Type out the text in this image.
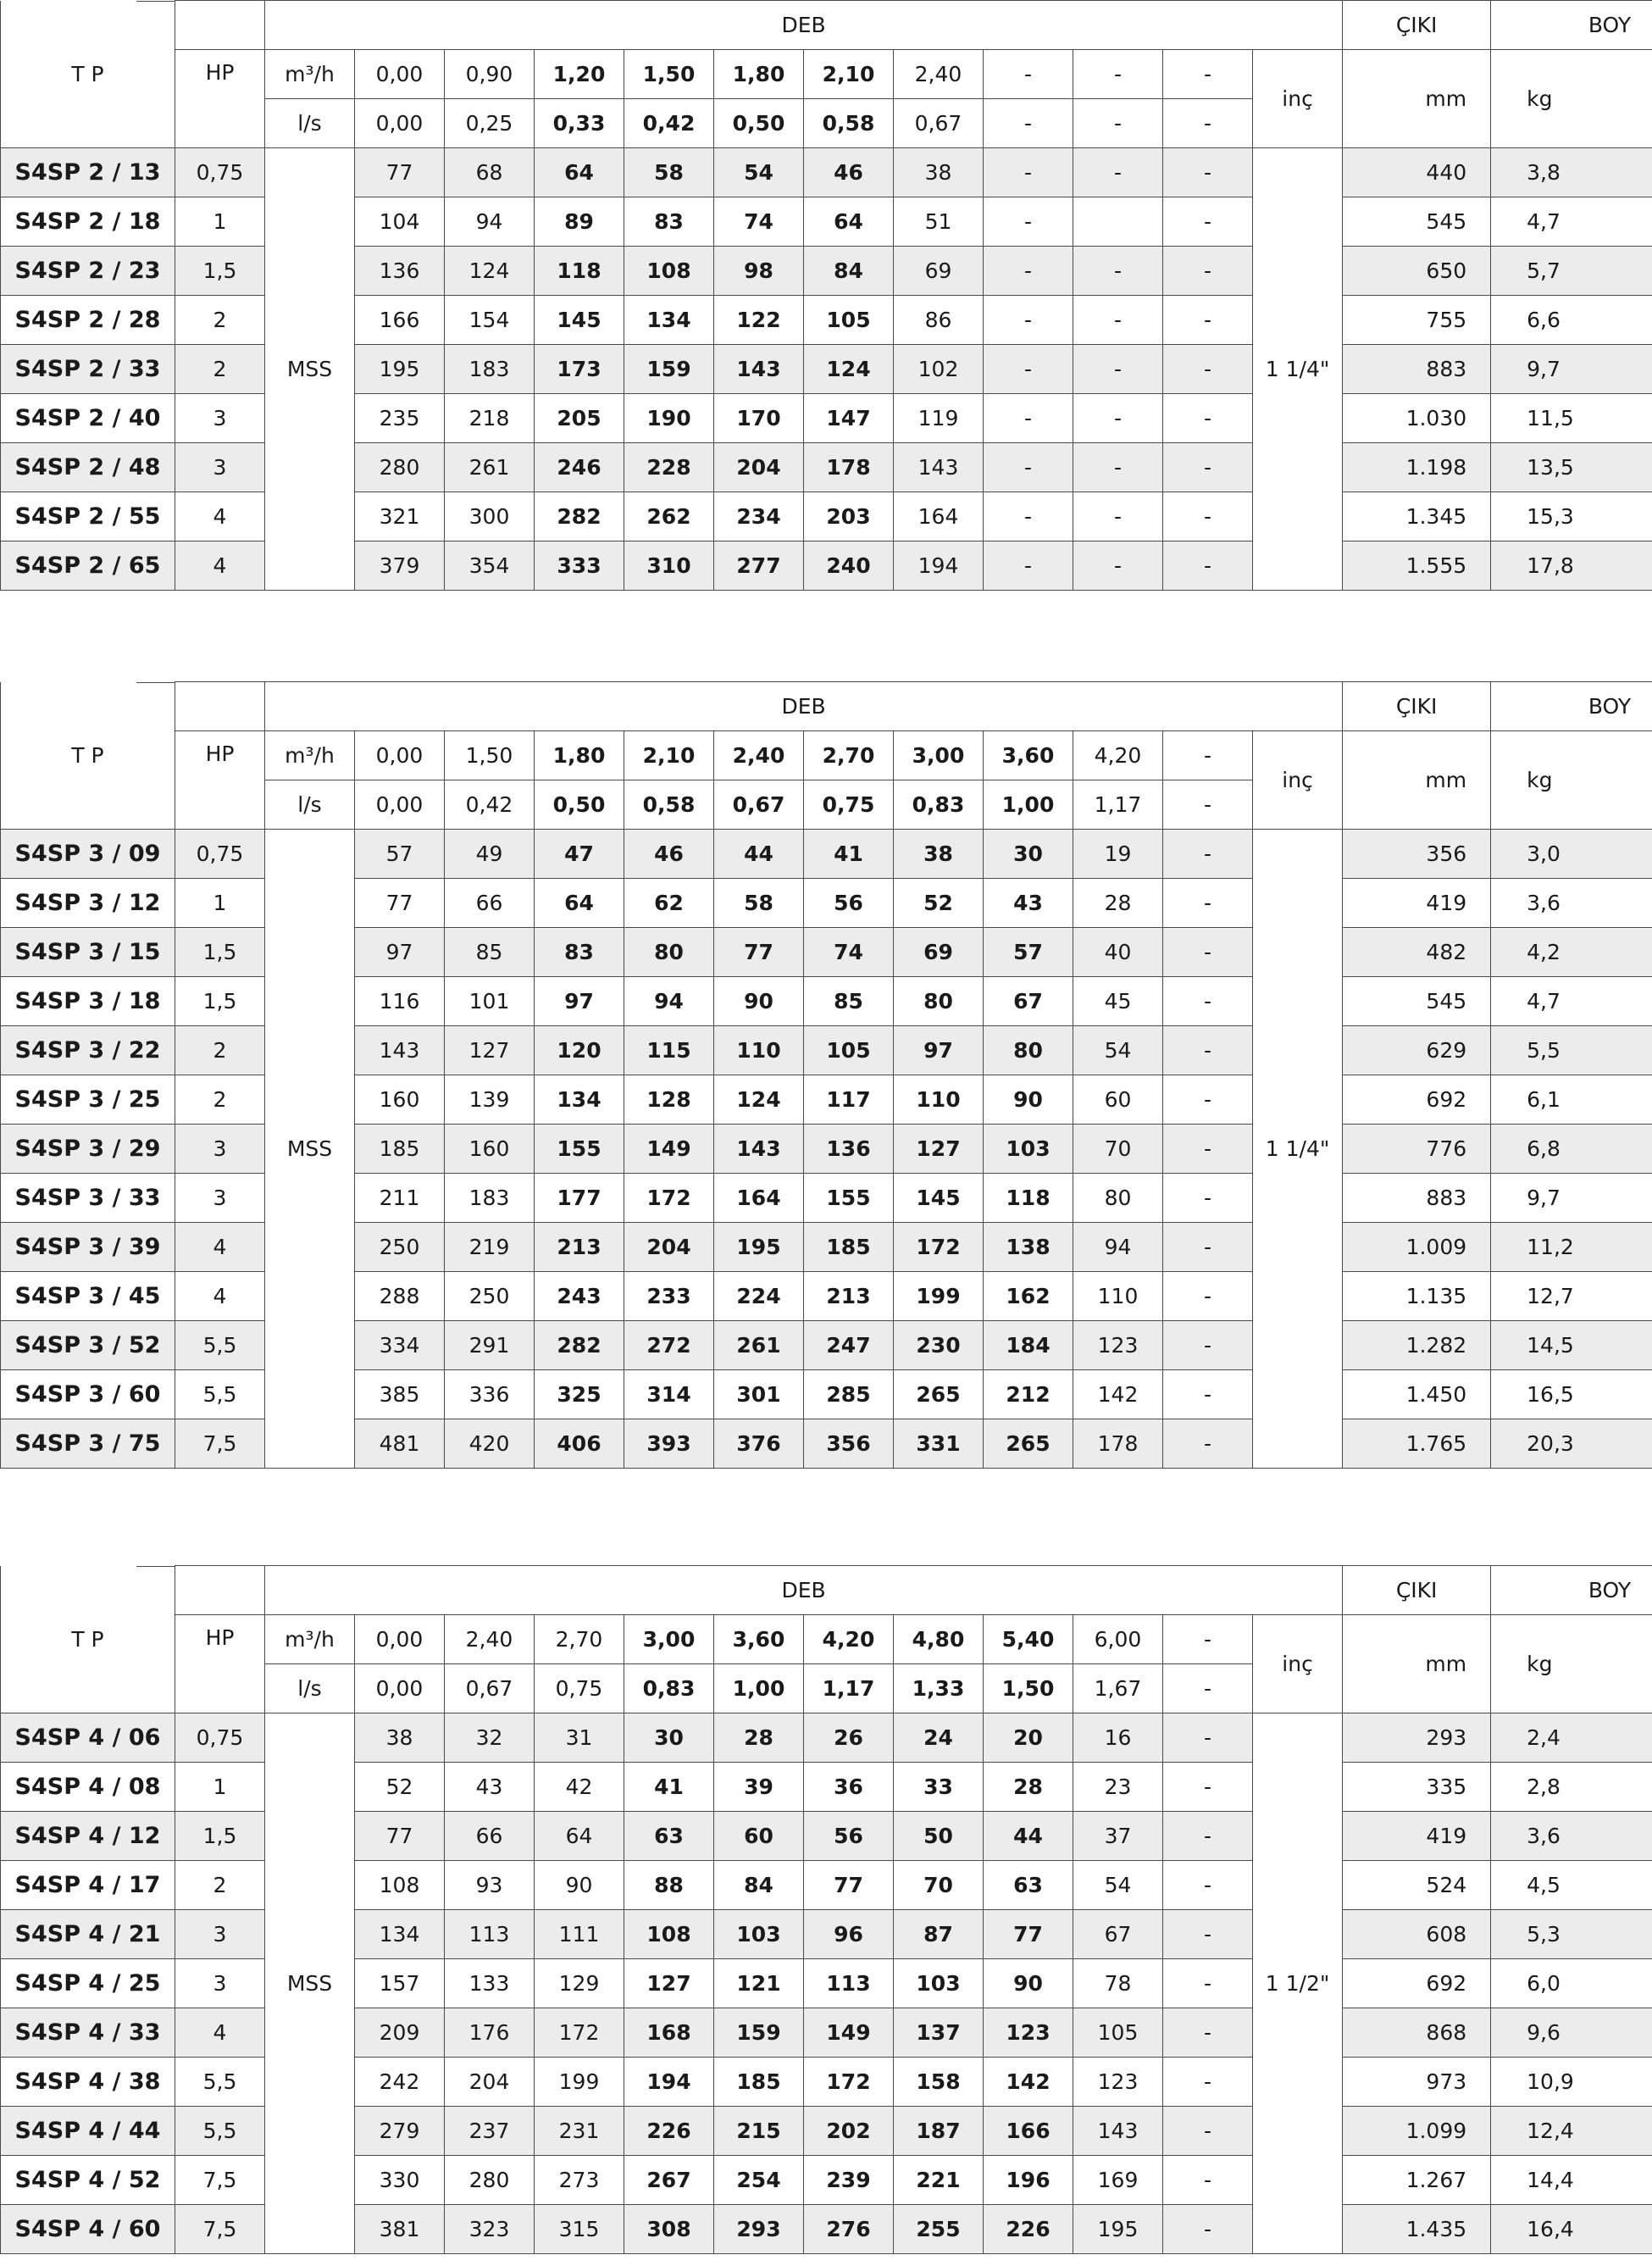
T P		DEB												ÇIKI	BOY	
	HP	m³/h	0,00	0,90	1,20	1,50	1,80	2,10	2,40	-	-	-	inç	mm	kg	
		l/s	0,00	0,25	0,33	0,42	0,50	0,58	0,67	-	-	-				
S4SP 2 / 13	0,75	MSS	77	68	64	58	54	46	38	-	-	-	1 1/4"	440	3,8	
S4SP 2 / 18	1		104	94	89	83	74	64	51	-		-		545	4,7	
S4SP 2 / 23	1,5		136	124	118	108	98	84	69	-	-	-		650	5,7	
S4SP 2 / 28	2		166	154	145	134	122	105	86	-	-	-		755	6,6	
S4SP 2 / 33	2		195	183	173	159	143	124	102	-	-	-		883	9,7	
S4SP 2 / 40	3		235	218	205	190	170	147	119	-	-	-		1.030	11,5	
S4SP 2 / 48	3		280	261	246	228	204	178	143	-	-	-		1.198	13,5	
S4SP 2 / 55	4		321	300	282	262	234	203	164	-	-	-		1.345	15,3	
S4SP 2 / 65	4		379	354	333	310	277	240	194	-	-	-		1.555	17,8	
T P		DEB												ÇIKI	BOY	
	HP	m³/h	0,00	1,50	1,80	2,10	2,40	2,70	3,00	3,60	4,20	-	inç	mm	kg	
		l/s	0,00	0,42	0,50	0,58	0,67	0,75	0,83	1,00	1,17	-				
S4SP 3 / 09	0,75	MSS	57	49	47	46	44	41	38	30	19	-	1 1/4"	356	3,0	
S4SP 3 / 12	1		77	66	64	62	58	56	52	43	28	-		419	3,6	
S4SP 3 / 15	1,5		97	85	83	80	77	74	69	57	40	-		482	4,2	
S4SP 3 / 18	1,5		116	101	97	94	90	85	80	67	45	-		545	4,7	
S4SP 3 / 22	2		143	127	120	115	110	105	97	80	54	-		629	5,5	
S4SP 3 / 25	2		160	139	134	128	124	117	110	90	60	-		692	6,1	
S4SP 3 / 29	3		185	160	155	149	143	136	127	103	70	-		776	6,8	
S4SP 3 / 33	3		211	183	177	172	164	155	145	118	80	-		883	9,7	
S4SP 3 / 39	4		250	219	213	204	195	185	172	138	94	-		1.009	11,2	
S4SP 3 / 45	4		288	250	243	233	224	213	199	162	110	-		1.135	12,7	
S4SP 3 / 52	5,5		334	291	282	272	261	247	230	184	123	-		1.282	14,5	
S4SP 3 / 60	5,5		385	336	325	314	301	285	265	212	142	-		1.450	16,5	
S4SP 3 / 75	7,5		481	420	406	393	376	356	331	265	178	-		1.765	20,3	
T P		DEB												ÇIKI	BOY	
	HP	m³/h	0,00	2,40	2,70	3,00	3,60	4,20	4,80	5,40	6,00	-	inç	mm	kg	
		l/s	0,00	0,67	0,75	0,83	1,00	1,17	1,33	1,50	1,67	-				
S4SP 4 / 06	0,75	MSS	38	32	31	30	28	26	24	20	16	-	1 1/2"	293	2,4	
S4SP 4 / 08	1		52	43	42	41	39	36	33	28	23	-		335	2,8	
S4SP 4 / 12	1,5		77	66	64	63	60	56	50	44	37	-		419	3,6	
S4SP 4 / 17	2		108	93	90	88	84	77	70	63	54	-		524	4,5	
S4SP 4 / 21	3		134	113	111	108	103	96	87	77	67	-		608	5,3	
S4SP 4 / 25	3		157	133	129	127	121	113	103	90	78	-		692	6,0	
S4SP 4 / 33	4		209	176	172	168	159	149	137	123	105	-		868	9,6	
S4SP 4 / 38	5,5		242	204	199	194	185	172	158	142	123	-		973	10,9	
S4SP 4 / 44	5,5		279	237	231	226	215	202	187	166	143	-		1.099	12,4	
S4SP 4 / 52	7,5		330	280	273	267	254	239	221	196	169	-		1.267	14,4	
S4SP 4 / 60	7,5		381	323	315	308	293	276	255	226	195	-		1.435	16,4	
